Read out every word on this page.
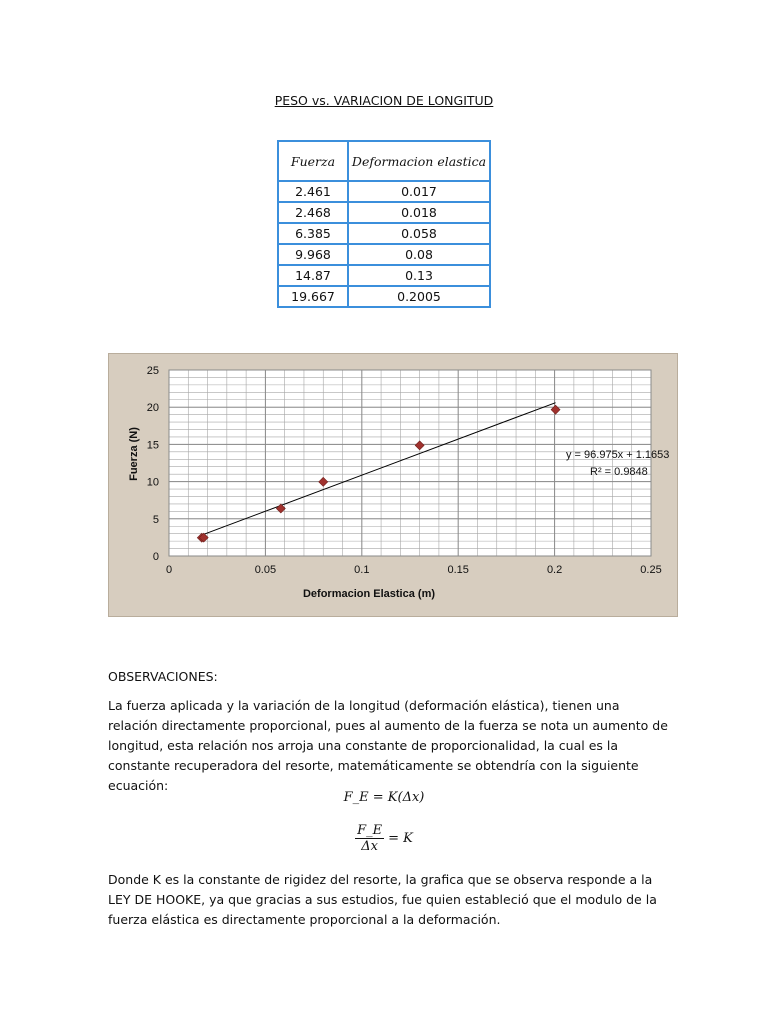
PESO vs. VARIACION DE LONGITUD
Fuerza	Deformacion elastica
2.461	0.017
2.468	0.018
6.385	0.058
9.968	0.08
14.87	0.13
19.667	0.2005
0	0.05	0.1	0.15	0.2	0.25
0
5
10
15
20
25
y = 96.975x + 1.1653
R² = 0.9848
Deformacion Elastica (m)
Fuerza (N)
OBSERVACIONES:
La fuerza aplicada y la variación de la longitud (deformación elástica), tienen una relación directamente proporcional, pues al aumento de la fuerza se nota un aumento de longitud, esta relación nos arroja una constante de proporcionalidad, la cual es la constante recuperadora del resorte, matemáticamente se obtendría con la siguiente ecuación:
F_E = K(Δx)
$\frac{F\_E}{\Delta x} = K$
Donde K es la constante de rigidez del resorte, la grafica que se observa responde a la LEY DE HOOKE, ya que gracias a sus estudios, fue quien estableció que el modulo de la fuerza elástica es directamente proporcional a la deformación.
